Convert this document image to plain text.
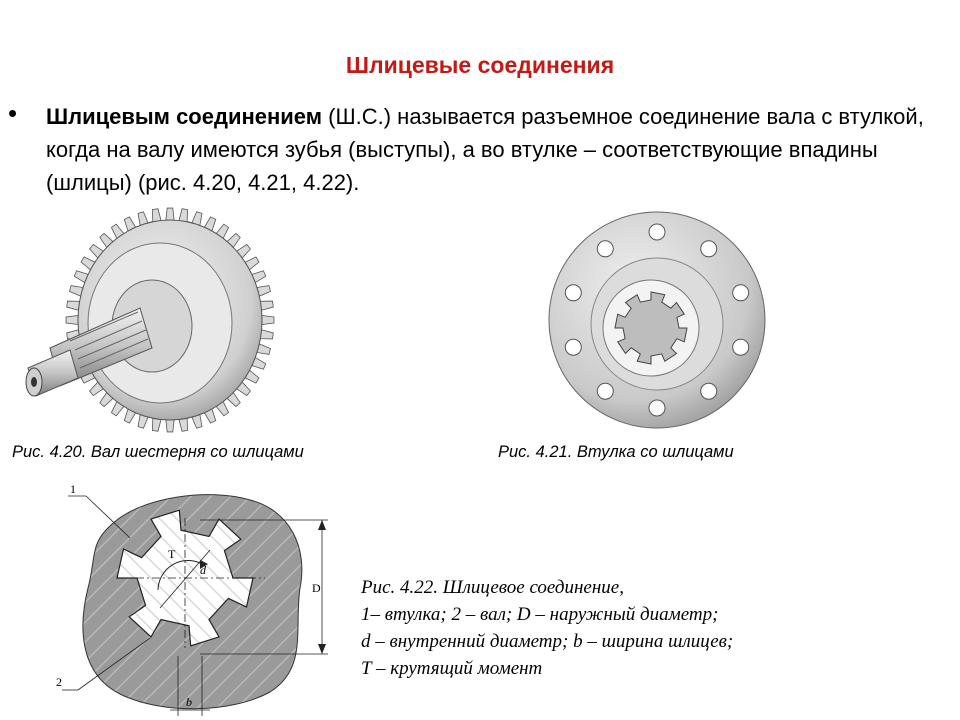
Шлицевые соединения
• Шлицевым соединением (Ш.С.) называется разъемное соединение вала с втулкой, когда на валу имеются зубья (выступы), а во втулке – соответствующие впадины (шлицы) (рис. 4.20, 4.21, 4.22).
Рис. 4.20. Вал шестерня со шлицами	Рис. 4.21. Втулка со шлицами
1
2
T
d
D
b
Рис. 4.22. Шлицевое соединение,
1– втулка; 2 – вал; D – наружный диаметр;
d – внутренний диаметр; b – ширина шлицев;
T – крутящий момент
